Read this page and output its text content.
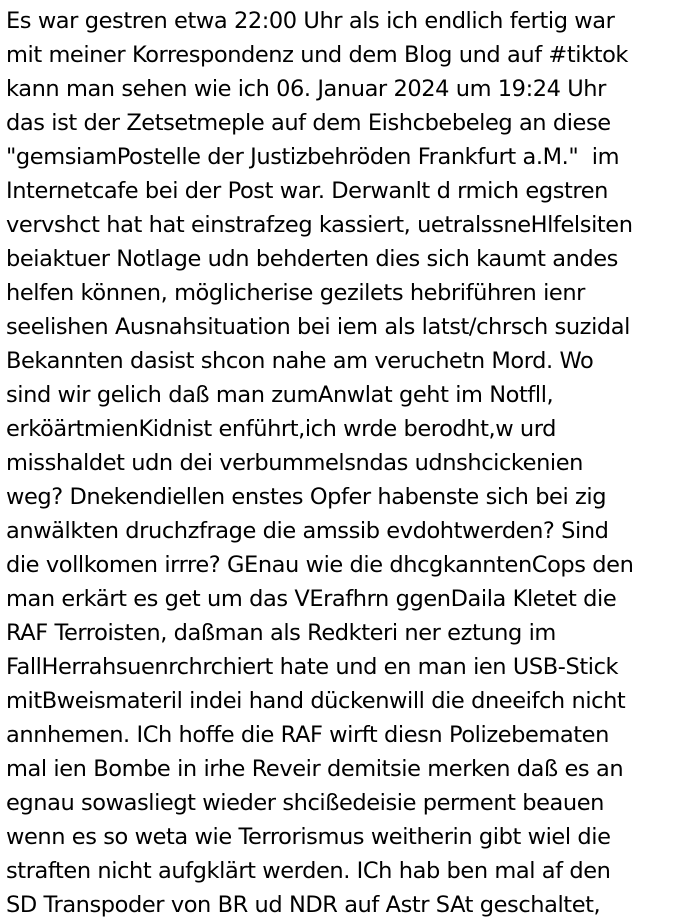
Es war gestren etwa 22:00 Uhr als ich endlich fertig war
mit meiner Korrespondenz und dem Blog und auf #tiktok
kann man sehen wie ich 06. Januar 2024 um 19:24 Uhr
das ist der Zetsetmeple auf dem Eishcbebeleg an diese
"gemsiamPostelle der Justizbehröden Frankfurt a.M."  im
Internetcafe bei der Post war. Derwanlt d rmich egstren
vervshct hat hat einstrafzeg kassiert, uetralssneHlfelsiten
beiaktuer Notlage udn behderten dies sich kaumt andes
helfen können, möglicherise gezilets hebriführen ienr
seelishen Ausnahsituation bei iem als latst/chrsch suzidal
Bekannten dasist shcon nahe am veruchetn Mord. Wo
sind wir gelich daß man zumAnwlat geht im Notfll,
erköärtmienKidnist enführt,ich wrde berodht,w urd
misshaldet udn dei verbummelsndas udnshcickenien
weg? Dnekendiellen enstes Opfer habenste sich bei zig
anwälkten druchzfrage die amssib evdohtwerden? Sind
die vollkomen irrre? GEnau wie die dhcgkanntenCops den
man erkärt es get um das VErafhrn ggenDaila Kletet die
RAF Terroisten, daßman als Redkteri ner eztung im
FallHerrahsuenrchrchiert hate und en man ien USB-Stick
mitBweismateril indei hand dückenwill die dneeifch nicht
annhemen. ICh hoffe die RAF wirft diesn Polizebematen
mal ien Bombe in irhe Reveir demitsie merken daß es an
egnau sowasliegt wieder shcißedeisie perment beauen
wenn es so weta wie Terrorismus weitherin gibt wiel die
straften nicht aufgklärt werden. ICh hab ben mal af den
SD Transpoder von BR ud NDR auf Astr SAt geschaltet,
